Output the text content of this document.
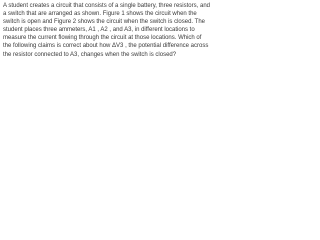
A student creates a circuit that consists of a single battery, three resistors, and a switch that are arranged as shown. Figure 1 shows the circuit when the switch is open and Figure 2 shows the circuit when the switch is closed. The student places three ammeters, A1 , A2 , and A3, in different locations to measure the current flowing through the circuit at those locations. Which of the following claims is correct about how ΔV3 , the potential difference across the resistor connected to A3, changes when the switch is closed?
